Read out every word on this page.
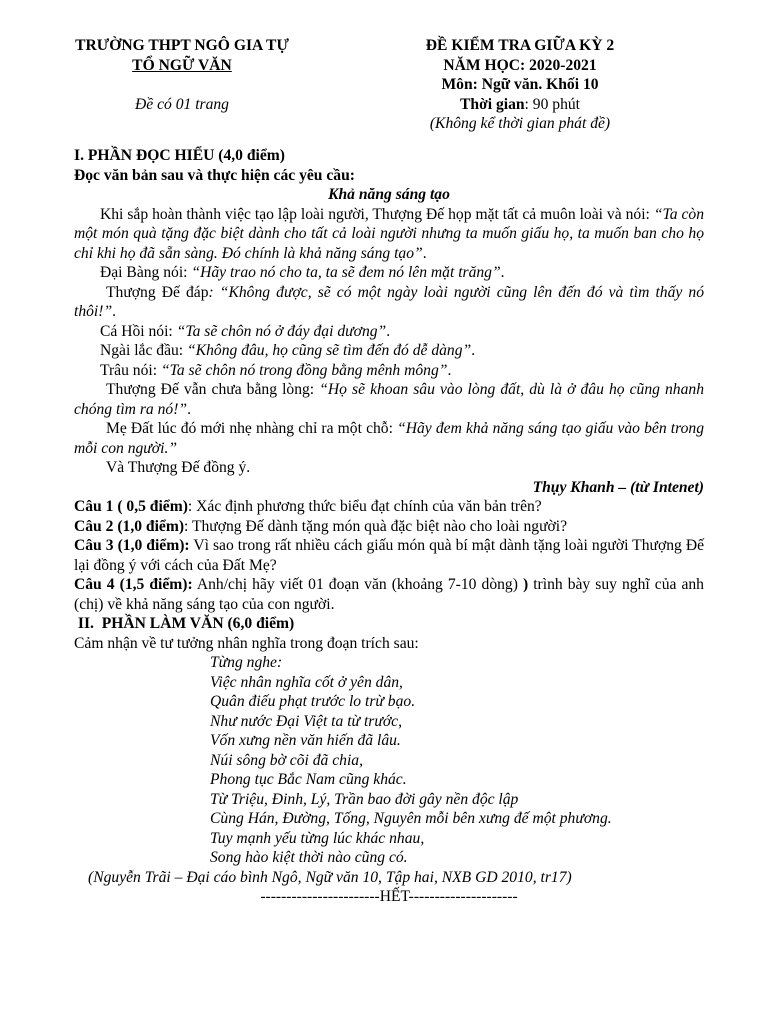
TRƯỜNG THPT NGÔ GIA TỰ
TỔ NGỮ VĂN
Đề có 01 trang
ĐỀ KIỂM TRA GIỮA KỲ 2
NĂM HỌC: 2020-2021
Môn: Ngữ văn. Khối 10
Thời gian: 90 phút
(Không kể thời gian phát đề)

I. PHẦN ĐỌC HIỂU (4,0 điểm)

Đọc văn bản sau và thực hiện các yêu cầu:

Khả năng sáng tạo

Khi sắp hoàn thành việc tạo lập loài người, Thượng Đế họp mặt tất cả muôn loài và nói: “Ta còn một món quà tặng đặc biệt dành cho tất cả loài người nhưng ta muốn giấu họ, ta muốn ban cho họ chỉ khi họ đã sẵn sàng. Đó chính là khả năng sáng tạo”.

Đại Bàng nói: “Hãy trao nó cho ta, ta sẽ đem nó lên mặt trăng”.

Thượng Đế đáp: “Không được, sẽ có một ngày loài người cũng lên đến đó và tìm thấy nó thôi!”.

Cá Hồi nói: “Ta sẽ chôn nó ở đáy đại dương”.

Ngài lắc đầu: “Không đâu, họ cũng sẽ tìm đến đó dễ dàng”.

Trâu nói: “Ta sẽ chôn nó trong đồng bằng mênh mông”.

Thượng Đế vẫn chưa bằng lòng: “Họ sẽ khoan sâu vào lòng đất, dù là ở đâu họ cũng nhanh chóng tìm ra nó!”.

Mẹ Đất lúc đó mới nhẹ nhàng chỉ ra một chỗ: “Hãy đem khả năng sáng tạo giấu vào bên trong mỗi con người.”

Và Thượng Đế đồng ý.

Thụy Khanh – (từ Intenet)

Câu 1 ( 0,5 điểm): Xác định phương thức biểu đạt chính của văn bản trên?

Câu 2 (1,0 điểm): Thượng Đế dành tặng món quà đặc biệt nào cho loài người?

Câu 3 (1,0 điểm): Vì sao trong rất nhiều cách giấu món quà bí mật dành tặng loài người Thượng Đế lại đồng ý với cách của Đất Mẹ?

Câu 4 (1,5 điểm): Anh/chị hãy viết 01 đoạn văn (khoảng 7-10 dòng) ) trình bày suy nghĩ của anh (chị) về khả năng sáng tạo của con người.

II.  PHẦN LÀM VĂN (6,0 điểm)

Cảm nhận về tư tưởng nhân nghĩa trong đoạn trích sau:

Từng nghe:
Việc nhân nghĩa cốt ở yên dân,
Quân điếu phạt trước lo trừ bạo.
Như nước Đại Việt ta từ trước,
Vốn xưng nền văn hiến đã lâu.
Núi sông bờ cõi đã chia,
Phong tục Bắc Nam cũng khác.
Từ Triệu, Đinh, Lý, Trần bao đời gây nền độc lập
Cùng Hán, Đường, Tống, Nguyên mỗi bên xưng đế một phương.
Tuy mạnh yếu từng lúc khác nhau,
Song hào kiệt thời nào cũng có.

(Nguyễn Trãi – Đại cáo bình Ngô, Ngữ văn 10, Tập hai, NXB GD 2010, tr17)

-----------------------HẾT---------------------
